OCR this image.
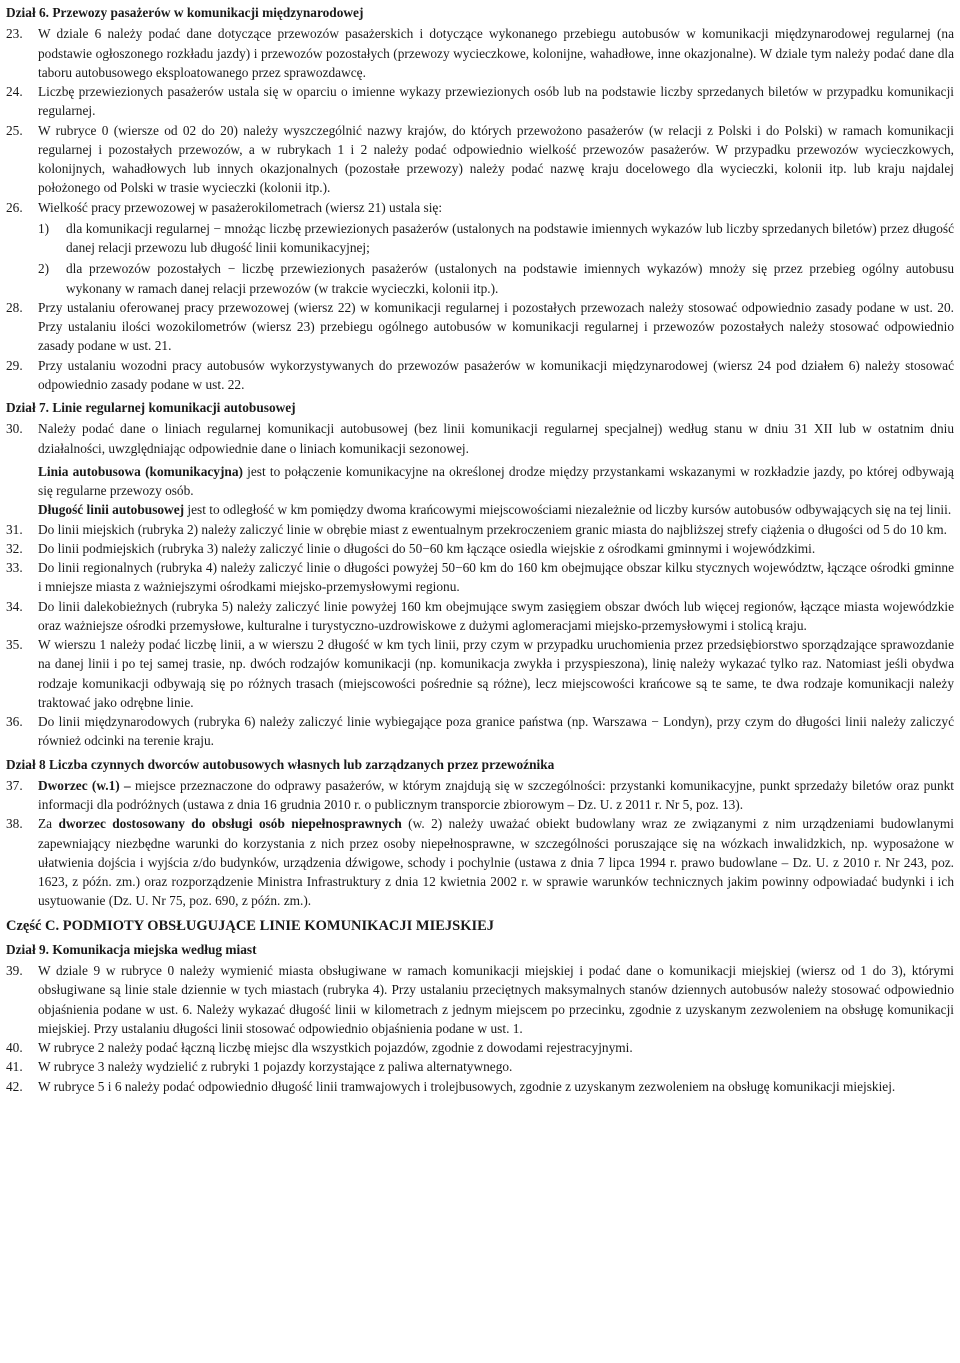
Dział 6. Przewozy pasażerów w komunikacji międzynarodowej

23.	W dziale 6 należy podać dane dotyczące przewozów pasażerskich i dotyczące wykonanego przebiegu autobusów w komunikacji międzynarodowej regularnej (na podstawie ogłoszonego rozkładu jazdy) i przewozów pozostałych (przewozy wycieczkowe, kolonijne, wahadłowe, inne okazjonalne). W dziale tym należy podać dane dla taboru autobusowego eksploatowanego przez sprawozdawcę.
24.	Liczbę przewiezionych pasażerów ustala się w oparciu o imienne wykazy przewiezionych osób lub na podstawie liczby sprzedanych biletów w przypadku komunikacji regularnej.
25.	W rubryce 0 (wiersze od 02 do 20) należy wyszczególnić nazwy krajów, do których przewożono pasażerów (w relacji z Polski i do Polski) w ramach komunikacji regularnej i pozostałych przewozów, a w rubrykach 1 i 2 należy podać odpowiednio wielkość przewozów pasażerów. W przypadku przewozów wycieczkowych, kolonijnych, wahadłowych lub innych okazjonalnych (pozostałe przewozy) należy podać nazwę kraju docelowego dla wycieczki, kolonii itp. lub kraju najdalej położonego od Polski w trasie wycieczki (kolonii itp.).
26.	Wielkość pracy przewozowej w pasażerokilometrach (wiersz 21) ustala się:
1)	dla komunikacji regularnej − mnożąc liczbę przewiezionych pasażerów (ustalonych na podstawie imiennych wykazów lub liczby sprzedanych biletów) przez długość danej relacji przewozu lub długość linii komunikacyjnej;
2)	dla przewozów pozostałych − liczbę przewiezionych pasażerów (ustalonych na podstawie imiennych wykazów) mnoży się przez przebieg ogólny autobusu wykonany w ramach danej relacji przewozów (w trakcie wycieczki, kolonii itp.).
28.	Przy ustalaniu oferowanej pracy przewozowej (wiersz 22) w komunikacji regularnej i pozostałych przewozach należy stosować odpowiednio zasady podane w ust. 20. Przy ustalaniu ilości wozokilometrów (wiersz 23) przebiegu ogólnego autobusów w komunikacji regularnej i przewozów pozostałych należy stosować odpowiednio zasady podane w ust. 21.
29.	Przy ustalaniu wozodni pracy autobusów wykorzystywanych do przewozów pasażerów w komunikacji międzynarodowej (wiersz 24 pod działem 6) należy stosować odpowiednio zasady podane w ust. 22.

Dział 7. Linie regularnej komunikacji autobusowej

30.	Należy podać dane o liniach regularnej komunikacji autobusowej (bez linii komunikacji regularnej specjalnej) według stanu w dniu 31 XII lub w ostatnim dniu działalności, uwzględniając odpowiednie dane o liniach komunikacji sezonowej.
Linia autobusowa (komunikacyjna) jest to połączenie komunikacyjne na określonej drodze między przystankami wskazanymi w rozkładzie jazdy, po której odbywają się regularne przewozy osób.
Długość linii autobusowej jest to odległość w km pomiędzy dwoma krańcowymi miejscowościami niezależnie od liczby kursów autobusów odbywających się na tej linii.
31.	Do linii miejskich (rubryka 2) należy zaliczyć linie w obrębie miast z ewentualnym przekroczeniem granic miasta do najbliższej strefy ciążenia o długości od 5 do 10 km.
32.	Do linii podmiejskich (rubryka 3) należy zaliczyć linie o długości do 50−60 km łączące osiedla wiejskie z ośrodkami gminnymi i wojewódzkimi.
33.	Do linii regionalnych (rubryka 4) należy zaliczyć linie o długości powyżej 50−60 km do 160 km obejmujące obszar kilku stycznych województw, łączące ośrodki gminne i mniejsze miasta z ważniejszymi ośrodkami miejsko-przemysłowymi regionu.
34.	Do linii dalekobieżnych (rubryka 5) należy zaliczyć linie powyżej 160 km obejmujące swym zasięgiem obszar dwóch lub więcej regionów, łączące miasta wojewódzkie oraz ważniejsze ośrodki przemysłowe, kulturalne i turystyczno-uzdrowiskowe z dużymi aglomeracjami miejsko-przemysłowymi i stolicą kraju.
35.	W wierszu 1 należy podać liczbę linii, a w wierszu 2 długość w km tych linii, przy czym w przypadku uruchomienia przez przedsiębiorstwo sporządzające sprawozdanie na danej linii i po tej samej trasie, np. dwóch rodzajów komunikacji (np. komunikacja zwykła i przyspieszona), linię należy wykazać tylko raz. Natomiast jeśli obydwa rodzaje komunikacji odbywają się po różnych trasach (miejscowości pośrednie są różne), lecz miejscowości krańcowe są te same, te dwa rodzaje komunikacji należy traktować jako odrębne linie.
36.	Do linii międzynarodowych (rubryka 6) należy zaliczyć linie wybiegające poza granice państwa (np. Warszawa − Londyn), przy czym do długości linii należy zaliczyć również odcinki na terenie kraju.

Dział 8 Liczba czynnych dworców autobusowych własnych lub zarządzanych przez przewoźnika

37.	Dworzec (w.1) – miejsce przeznaczone do odprawy pasażerów, w którym znajdują się w szczególności: przystanki komunikacyjne, punkt sprzedaży biletów oraz punkt informacji dla podróżnych (ustawa z dnia 16 grudnia 2010 r. o publicznym transporcie zbiorowym – Dz. U. z 2011 r. Nr 5, poz. 13).
38.	Za dworzec dostosowany do obsługi osób niepełnosprawnych (w. 2) należy uważać obiekt budowlany wraz ze związanymi z nim urządzeniami budowlanymi zapewniający niezbędne warunki do korzystania z nich przez osoby niepełnosprawne, w szczególności poruszające się na wózkach inwalidzkich, np. wyposażone w ułatwienia dojścia i wyjścia z/do budynków, urządzenia dźwigowe, schody i pochylnie (ustawa z dnia 7 lipca 1994 r. prawo budowlane – Dz. U. z 2010 r. Nr 243, poz. 1623, z późn. zm.) oraz rozporządzenie Ministra Infrastruktury z dnia 12 kwietnia 2002 r. w sprawie warunków technicznych jakim powinny odpowiadać budynki i ich usytuowanie (Dz. U. Nr 75, poz. 690, z późn. zm.).

Część C. PODMIOTY OBSŁUGUJĄCE LINIE KOMUNIKACJI MIEJSKIEJ

Dział 9. Komunikacja miejska według miast

39.	W dziale 9 w rubryce 0 należy wymienić miasta obsługiwane w ramach komunikacji miejskiej i podać dane o komunikacji miejskiej (wiersz od 1 do 3), którymi obsługiwane są linie stale dziennie w tych miastach (rubryka 4). Przy ustalaniu przeciętnych maksymalnych stanów dziennych autobusów należy stosować odpowiednio objaśnienia podane w ust. 6. Należy wykazać długość linii w kilometrach z jednym miejscem po przecinku, zgodnie z uzyskanym zezwoleniem na obsługę komunikacji miejskiej. Przy ustalaniu długości linii stosować odpowiednio objaśnienia podane w ust. 1.
40.	W rubryce 2 należy podać łączną liczbę miejsc dla wszystkich pojazdów, zgodnie z dowodami rejestracyjnymi.
41.	W rubryce 3 należy wydzielić z rubryki 1 pojazdy korzystające z paliwa alternatywnego.
42.	W rubryce 5 i 6 należy podać odpowiednio długość linii tramwajowych i trolejbusowych, zgodnie z uzyskanym zezwoleniem na obsługę komunikacji miejskiej.
